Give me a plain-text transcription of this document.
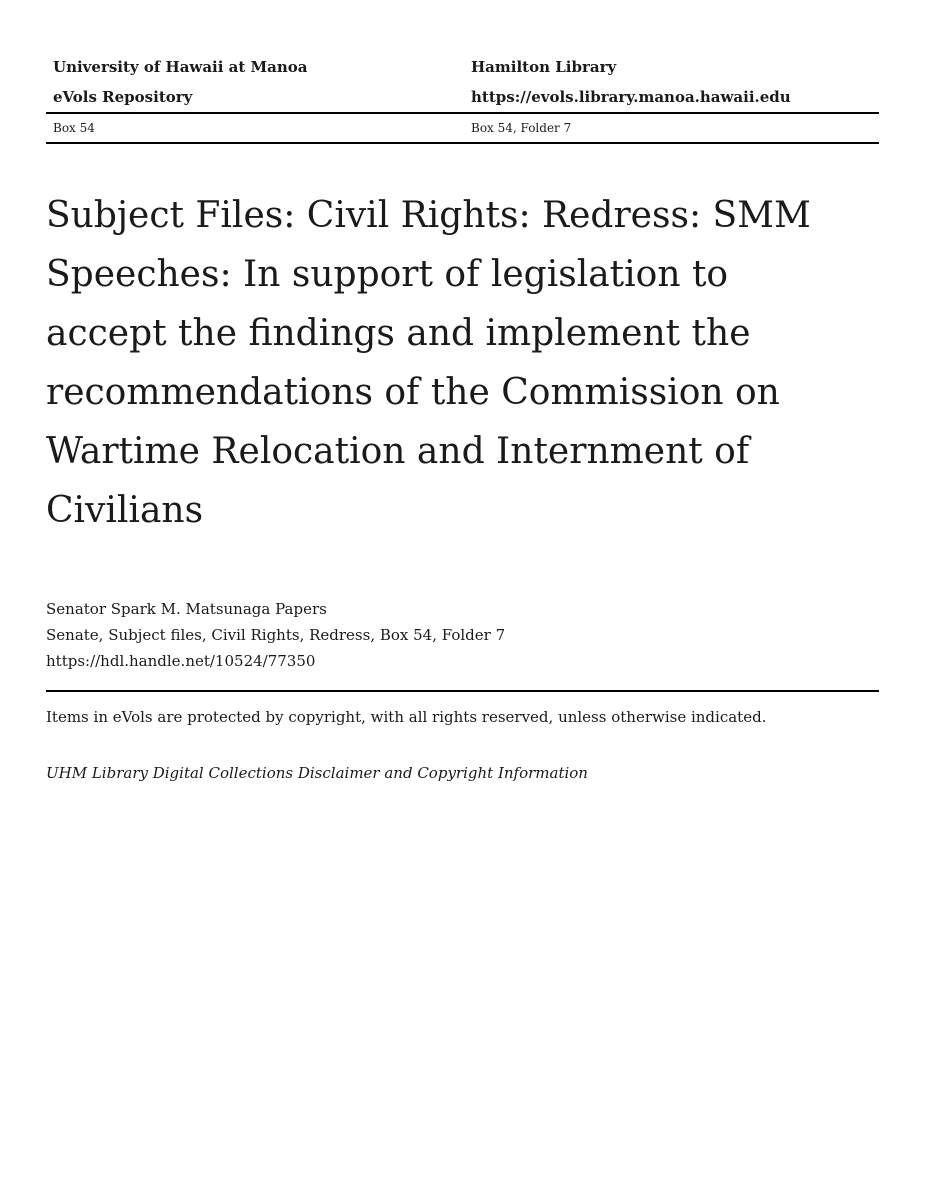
University of Hawaii at Manoa	Hamilton Library
eVols Repository	https://evols.library.manoa.hawaii.edu
Box 54	Box 54, Folder 7
Subject Files: Civil Rights: Redress: SMM Speeches: In support of legislation to accept the findings and implement the recommendations of the Commission on Wartime Relocation and Internment of Civilians
Senator Spark M. Matsunaga Papers
Senate, Subject files, Civil Rights, Redress, Box 54, Folder 7
https://hdl.handle.net/10524/77350
Items in eVols are protected by copyright, with all rights reserved, unless otherwise indicated.
UHM Library Digital Collections Disclaimer and Copyright Information
